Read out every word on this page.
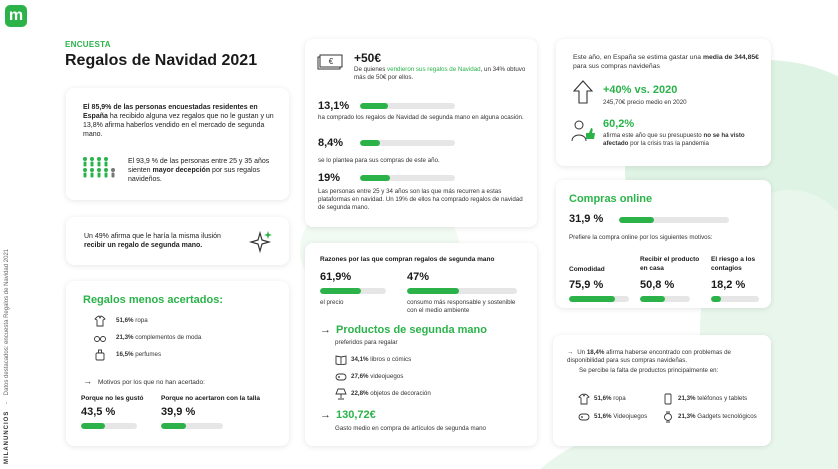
m
MILANUNCIOS - Datos destacados: encuesta Regalos de Navidad 2021
ENCUESTA
Regalos de Navidad 2021
El 85,9% de las personas encuestadas residentes en España ha recibido alguna vez regalos que no le gustan y un 13,8% afirma haberlos vendido en el mercado de segunda mano.
El 93,9 % de las personas entre 25 y 35 años sienten mayor decepción por sus regalos navideños.
Un 49% afirma que le haría la misma ilusión recibir un regalo de segunda mano.
Regalos menos acertados:
51,6% ropa
21,3% complementos de moda
16,5% perfumes
→ Motivos por los que no han acertado:
Porque no les gustó
43,5 %
Porque no acertaron con la talla
39,9 %
€ +50€
De quienes vendieron sus regalos de Navidad, un 34% obtuvo más de 50€ por ellos.
13,1%
ha comprado los regalos de Navidad de segunda mano en alguna ocasión.
8,4%
se lo plantea para sus compras de este año.
19%
Las personas entre 25 y 34 años son las que más recurren a estas plataformas en navidad. Un 19% de ellos ha comprado regalos de navidad de segunda mano.
Razones por las que compran regalos de segunda mano
61,9%
el precio
47%
consumo más responsable y sostenible con el medio ambiente
→ Productos de segunda mano
preferidos para regalar
34,1% libros o cómics
27,6% videojuegos
22,8% objetos de decoración
→ 130,72€
Gasto medio en compra de artículos de segunda mano
Este año, en España se estima gastar una media de 344,85€ para sus compras navideñas
+40% vs. 2020
245,70€ precio medio en 2020
60,2%
afirma este año que su presupuesto no se ha visto afectado por la crisis tras la pandemia
Compras online
31,9 %
Prefiere la compra online por los siguientes motivos:
Comodidad
75,9 %
Recibir el producto en casa
50,8 %
El riesgo a los contagios
18,2 %
→ Un 18,4% afirma haberse encontrado con problemas de disponibilidad para sus compras navideñas.
Se percibe la falta de productos principalmente en:
51,6% ropa	21,3% teléfonos y tablets
51,6% Videojuegos	21,3% Gadgets tecnológicos
